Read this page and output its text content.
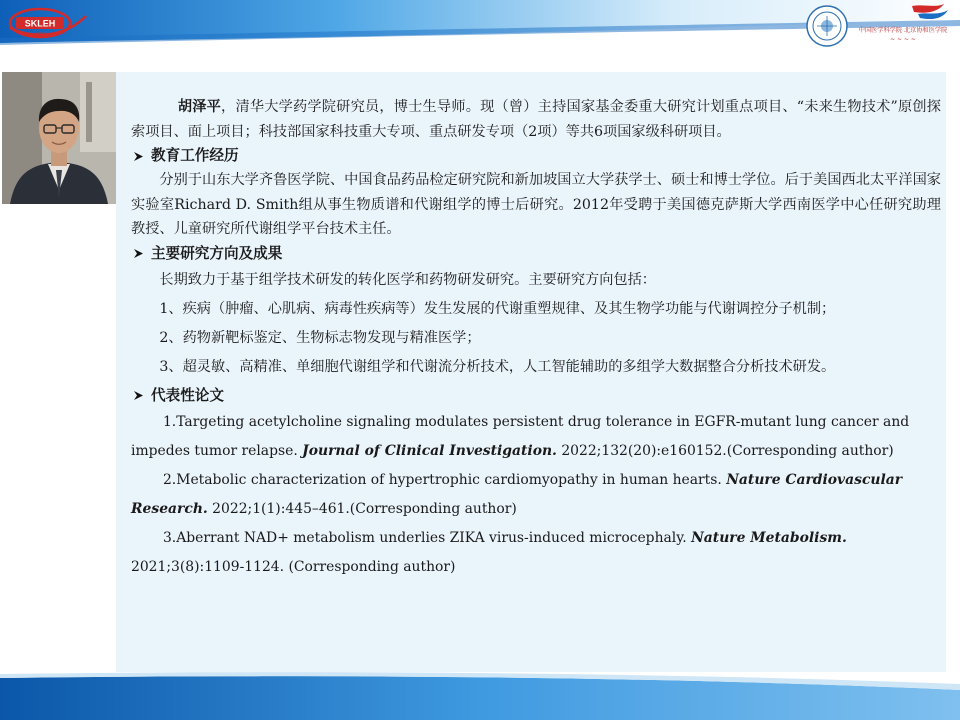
SKLEH
1950
中国医学科学院 北京协和医学院
~ ~ ~ ~

胡泽平，清华大学药学院研究员，博士生导师。现（曾）主持国家基金委重大研究计划重点项目、“未来生物技术”原创探索项目、面上项目；科技部国家科技重大专项、重点研发专项（2项）等共6项国家级科研项目。

教育工作经历

分别于山东大学齐鲁医学院、中国食品药品检定研究院和新加坡国立大学获学士、硕士和博士学位。后于美国西北太平洋国家实验室Richard D. Smith组从事生物质谱和代谢组学的博士后研究。2012年受聘于美国德克萨斯大学西南医学中心任研究助理教授、儿童研究所代谢组学平台技术主任。

主要研究方向及成果

长期致力于基于组学技术研发的转化医学和药物研发研究。主要研究方向包括：

1、疾病（肿瘤、心肌病、病毒性疾病等）发生发展的代谢重塑规律、及其生物学功能与代谢调控分子机制；

2、药物新靶标鉴定、生物标志物发现与精准医学；

3、超灵敏、高精准、单细胞代谢组学和代谢流分析技术，人工智能辅助的多组学大数据整合分析技术研发。

代表性论文

1.Targeting acetylcholine signaling modulates persistent drug tolerance in EGFR-mutant lung cancer and impedes tumor relapse. Journal of Clinical Investigation. 2022;132(20):e160152.(Corresponding author)

2.Metabolic characterization of hypertrophic cardiomyopathy in human hearts. Nature Cardiovascular Research. 2022;1(1):445–461.(Corresponding author)

3.Aberrant NAD+ metabolism underlies ZIKA virus-induced microcephaly. Nature Metabolism. 2021;3(8):1109-1124. (Corresponding author)
